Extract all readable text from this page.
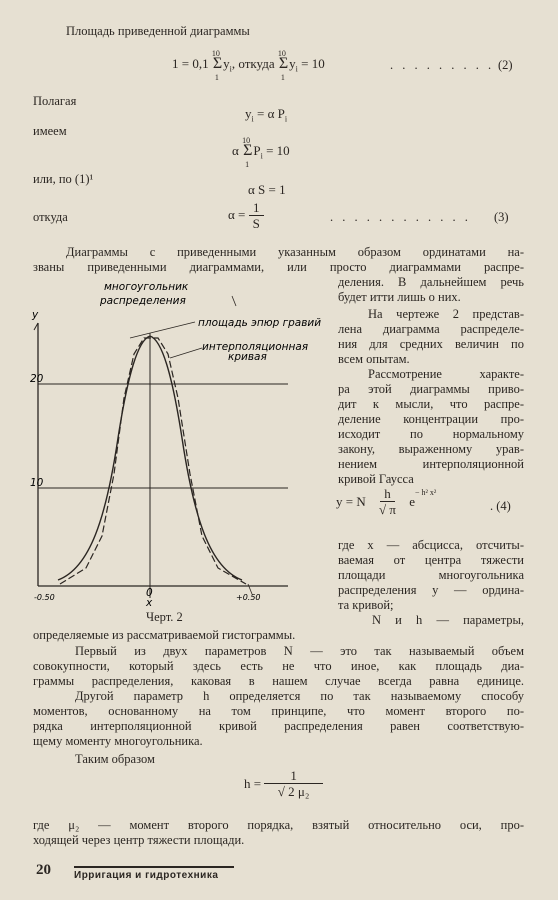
Площадь приведенной диаграммы
1 = 0,1 Σ
10
1
$y_i$, откуда Σ
10
1
$y_i = 10$	. . . . . . . . . (2)
Полагая
$y_i = \alpha$ $P_i$
имеем
α Σ
10
1
$P_i = 10$
или, по (1)¹
α S = 1
откуда	$\alpha = \frac{1}{S}$	. . . . . . . . . . . . (3)
Диаграммы с приведенными указанным образом ординатами на-
званы приведенными диаграммами, или просто диаграммами распре-
деления. В дальнейшем речь
будет итти лишь о них.
На чертеже 2 представ-
лена диаграмма распределе-
ния для средних величин по
всем опытам.
Рассмотрение характе-
ра этой диаграммы приво-
дит к мысли, что распре-
деление концентрации про-
исходит по нормальному
закону, выраженному урав-
нением интерполяционной
кривой Гаусса
y = N $\frac{h}{√ \pi} e^{- h^2 x^2}$
. (4)
где x — абсцисса, отсчиты-
ваемая от центра тяжести
площади многоугольника
распределения y — ордина-
та кривой;
N и h — параметры,
многоугольник
распределения
площадь эпюр гравий
интерполяционная
кривая
y
20
10
-0.50	0
x	+0.50
Черт. 2
определяемые из рассматриваемой гистограммы.
Первый из двух параметров N — это так называемый объем
совокупности, который здесь есть не что иное, как площадь диа-
граммы распределения, каковая в нашем случае всегда равна единице.
Другой параметр h определяется по так называемому способу
моментов, основанному на том принципе, что момент второго по-
рядка интерполяционной кривой распределения равен соответствую-
щему моменту многоугольника.
Таким образом
$h = \frac{1}{\text{√ 2 μ₂}}$
где μ₂ — момент второго порядка, взятый относительно оси, про-
ходящей через центр тяжести площади.
20 Ирригация и гидротехника
